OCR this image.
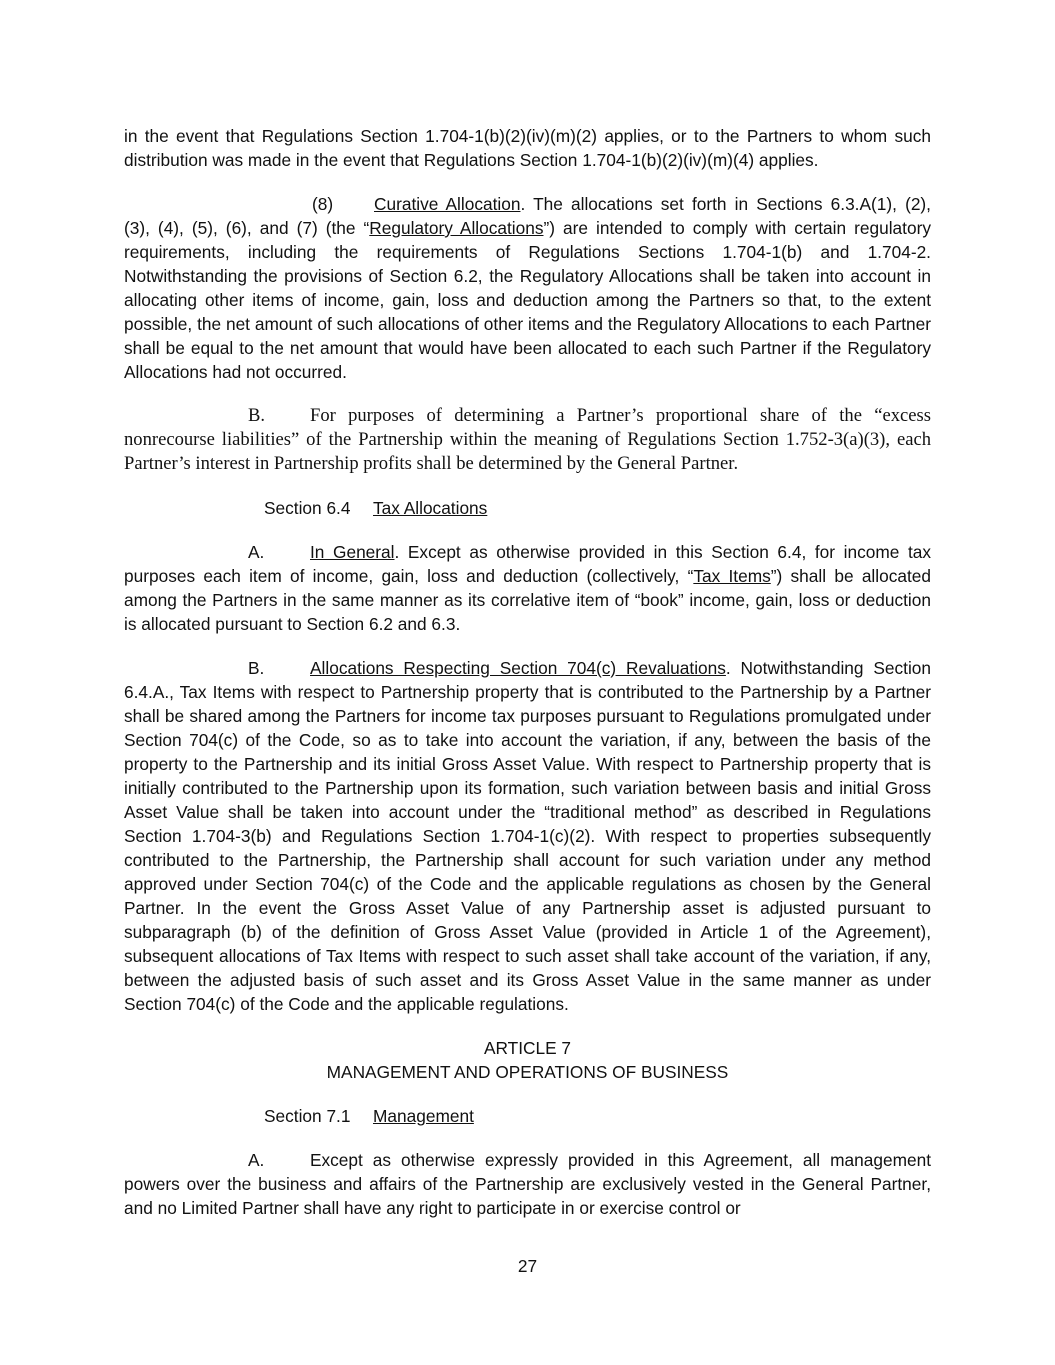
in the event that Regulations Section 1.704-1(b)(2)(iv)(m)(2) applies, or to the Partners to whom such distribution was made in the event that Regulations Section 1.704-1(b)(2)(iv)(m)(4) applies.

(8) Curative Allocation. The allocations set forth in Sections 6.3.A(1), (2), (3), (4), (5), (6), and (7) (the “Regulatory Allocations”) are intended to comply with certain regulatory requirements, including the requirements of Regulations Sections 1.704-1(b) and 1.704-2. Notwithstanding the provisions of Section 6.2, the Regulatory Allocations shall be taken into account in allocating other items of income, gain, loss and deduction among the Partners so that, to the extent possible, the net amount of such allocations of other items and the Regulatory Allocations to each Partner shall be equal to the net amount that would have been allocated to each such Partner if the Regulatory Allocations had not occurred.

B. For purposes of determining a Partner’s proportional share of the “excess nonrecourse liabilities” of the Partnership within the meaning of Regulations Section 1.752-3(a)(3), each Partner’s interest in Partnership profits shall be determined by the General Partner.

Section 6.4 Tax Allocations

A.	In General. Except as otherwise provided in this Section 6.4, for income tax purposes each item of income, gain, loss and deduction (collectively, “Tax Items”) shall be allocated among the Partners in the same manner as its correlative item of “book” income, gain, loss or deduction is allocated pursuant to Section 6.2 and 6.3.

B.	Allocations Respecting Section 704(c) Revaluations. Notwithstanding Section 6.4.A., Tax Items with respect to Partnership property that is contributed to the Partnership by a Partner shall be shared among the Partners for income tax purposes pursuant to Regulations promulgated under Section 704(c) of the Code, so as to take into account the variation, if any, between the basis of the property to the Partnership and its initial Gross Asset Value. With respect to Partnership property that is initially contributed to the Partnership upon its formation, such variation between basis and initial Gross Asset Value shall be taken into account under the “traditional method” as described in Regulations Section 1.704-3(b) and Regulations Section 1.704-1(c)(2). With respect to properties subsequently contributed to the Partnership, the Partnership shall account for such variation under any method approved under Section 704(c) of the Code and the applicable regulations as chosen by the General Partner. In the event the Gross Asset Value of any Partnership asset is adjusted pursuant to subparagraph (b) of the definition of Gross Asset Value (provided in Article 1 of the Agreement), subsequent allocations of Tax Items with respect to such asset shall take account of the variation, if any, between the adjusted basis of such asset and its Gross Asset Value in the same manner as under Section 704(c) of the Code and the applicable regulations.

ARTICLE 7
MANAGEMENT AND OPERATIONS OF BUSINESS
Section 7.1 Management

A.	Except as otherwise expressly provided in this Agreement, all management powers over the business and affairs of the Partnership are exclusively vested in the General Partner, and no Limited Partner shall have any right to participate in or exercise control or

27
